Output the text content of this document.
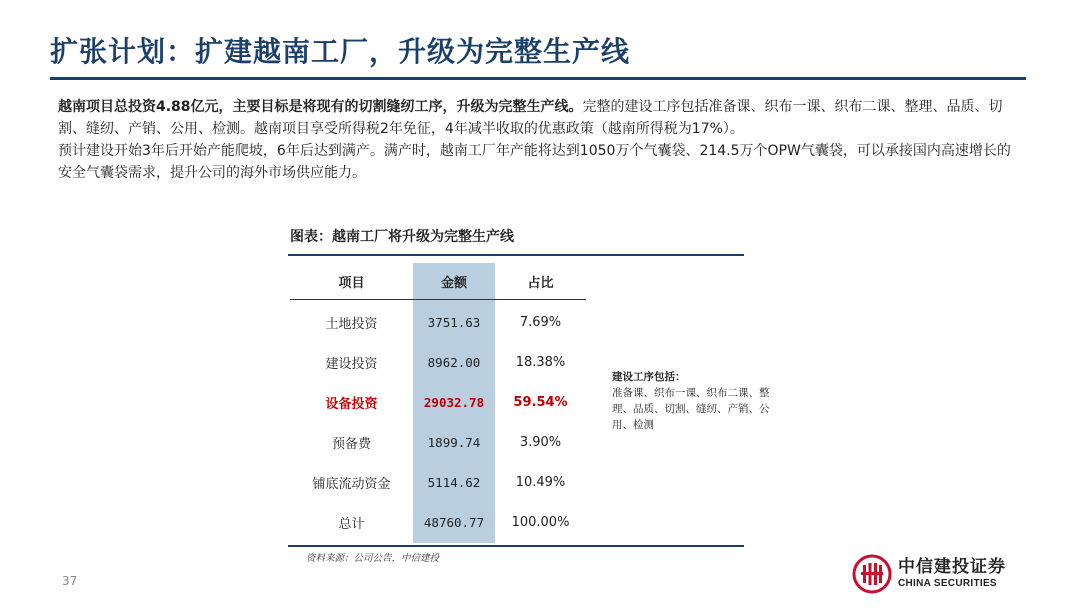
扩张计划：扩建越南工厂，升级为完整生产线

越南项目总投资4.88亿元，主要目标是将现有的切割缝纫工序，升级为完整生产线。完整的建设工序包括准备课、织布一课、织布二课、整理、品质、切割、缝纫、产销、公用、检测。越南项目享受所得税2年免征，4年减半收取的优惠政策（越南所得税为17%）。

预计建设开始3年后开始产能爬坡，6年后达到满产。满产时，越南工厂年产能将达到1050万个气囊袋、214.5万个OPW气囊袋，可以承接国内高速增长的安全气囊袋需求，提升公司的海外市场供应能力。

图表：越南工厂将升级为完整生产线
项目	金额	占比
土地投资	3751.63	7.69%
建设投资	8962.00	18.38%
设备投资	29032.78	59.54%
预备费	1899.74	3.90%
铺底流动资金	5114.62	10.49%
总计	48760.77	100.00%
建设工序包括：
准备课、织布一课、织布二课、整理、品质、切割、缝纫、产销、公用、检测
资料来源：公司公告，中信建投
37
中信建投证券
CHINA SECURITIES
